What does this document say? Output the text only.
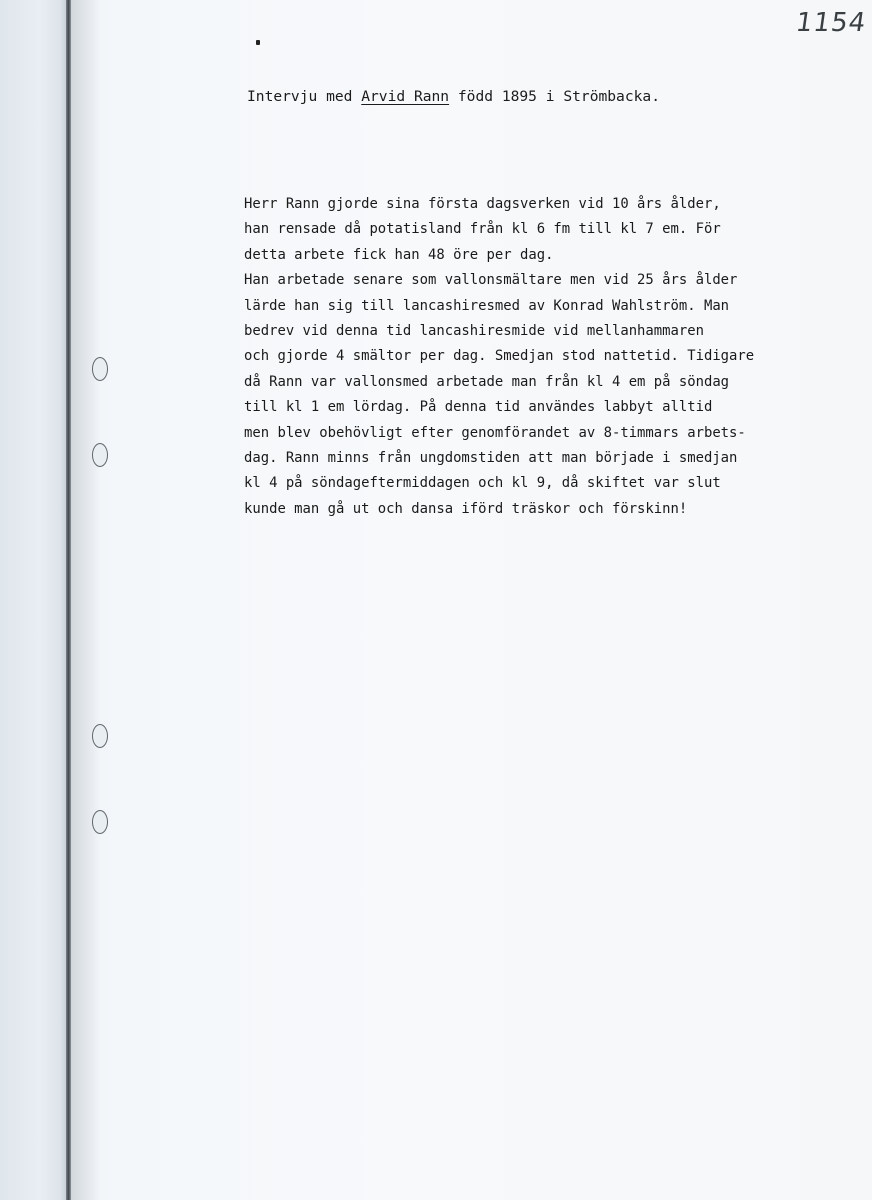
1154
Intervju med Arvid Rann född 1895 i Strömbacka.
Herr Rann gjorde sina första dagsverken vid 10 års ålder,
han rensade då potatisland från kl 6 fm till kl 7 em. För
detta arbete fick han 48 öre per dag.
Han arbetade senare som vallonsmältare men vid 25 års ålder
lärde han sig till lancashiresmed av Konrad Wahlström. Man
bedrev vid denna tid lancashiresmide vid mellanhammaren
och gjorde 4 smältor per dag. Smedjan stod nattetid. Tidigare
då Rann var vallonsmed arbetade man från kl 4 em på söndag
till kl 1 em lördag. På denna tid användes labbyt alltid
men blev obehövligt efter genomförandet av 8-timmars arbets-
dag. Rann minns från ungdomstiden att man började i smedjan
kl 4 på söndageftermiddagen och kl 9, då skiftet var slut
kunde man gå ut och dansa iförd träskor och förskinn!
